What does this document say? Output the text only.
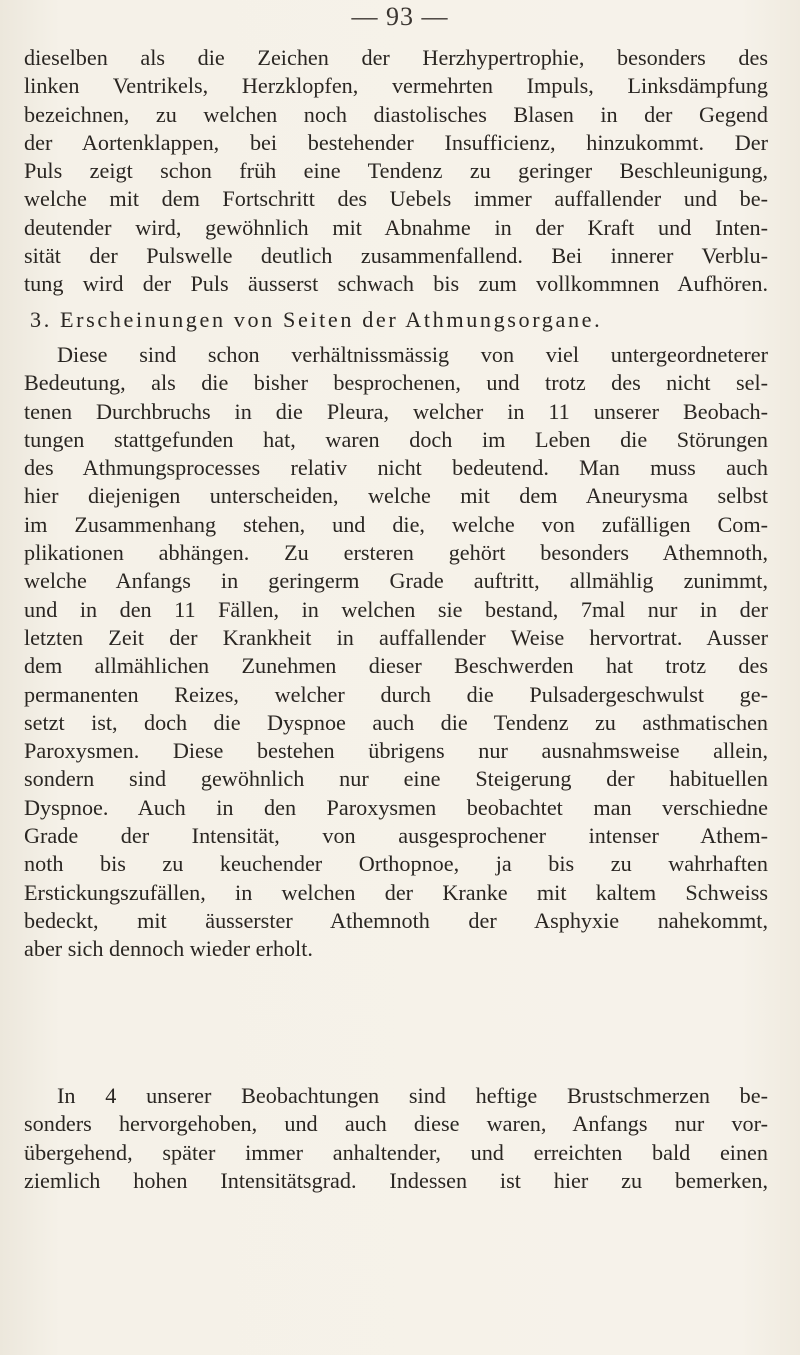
— 93 —
dieselben als die Zeichen der Herzhypertrophie, besonders des
linken Ventrikels, Herzklopfen, vermehrten Impuls, Linksdämpfung
bezeichnen, zu welchen noch diastolisches Blasen in der Gegend
der Aortenklappen, bei bestehender Insufficienz, hinzukommt. Der
Puls zeigt schon früh eine Tendenz zu geringer Beschleunigung,
welche mit dem Fortschritt des Uebels immer auffallender und be-
deutender wird, gewöhnlich mit Abnahme in der Kraft und Inten-
sität der Pulswelle deutlich zusammenfallend. Bei innerer Verblu-
tung wird der Puls äusserst schwach bis zum vollkommnen Aufhören.
3. Erscheinungen von Seiten der Athmungsorgane.
Diese sind schon verhältnissmässig von viel untergeordneterer
Bedeutung, als die bisher besprochenen, und trotz des nicht sel-
tenen Durchbruchs in die Pleura, welcher in 11 unserer Beobach-
tungen stattgefunden hat, waren doch im Leben die Störungen
des Athmungsprocesses relativ nicht bedeutend. Man muss auch
hier diejenigen unterscheiden, welche mit dem Aneurysma selbst
im Zusammenhang stehen, und die, welche von zufälligen Com-
plikationen abhängen. Zu ersteren gehört besonders Athemnoth,
welche Anfangs in geringerm Grade auftritt, allmählig zunimmt,
und in den 11 Fällen, in welchen sie bestand, 7mal nur in der
letzten Zeit der Krankheit in auffallender Weise hervortrat. Ausser
dem allmählichen Zunehmen dieser Beschwerden hat trotz des
permanenten Reizes, welcher durch die Pulsadergeschwulst ge-
setzt ist, doch die Dyspnoe auch die Tendenz zu asthmatischen
Paroxysmen. Diese bestehen übrigens nur ausnahmsweise allein,
sondern sind gewöhnlich nur eine Steigerung der habituellen
Dyspnoe. Auch in den Paroxysmen beobachtet man verschiedne
Grade der Intensität, von ausgesprochener intenser Athem-
noth bis zu keuchender Orthopnoe, ja bis zu wahrhaften
Erstickungszufällen, in welchen der Kranke mit kaltem Schweiss
bedeckt, mit äusserster Athemnoth der Asphyxie nahekommt,
aber sich dennoch wieder erholt.
In 4 unserer Beobachtungen sind heftige Brustschmerzen be-
sonders hervorgehoben, und auch diese waren, Anfangs nur vor-
übergehend, später immer anhaltender, und erreichten bald einen
ziemlich hohen Intensitätsgrad. Indessen ist hier zu bemerken,
